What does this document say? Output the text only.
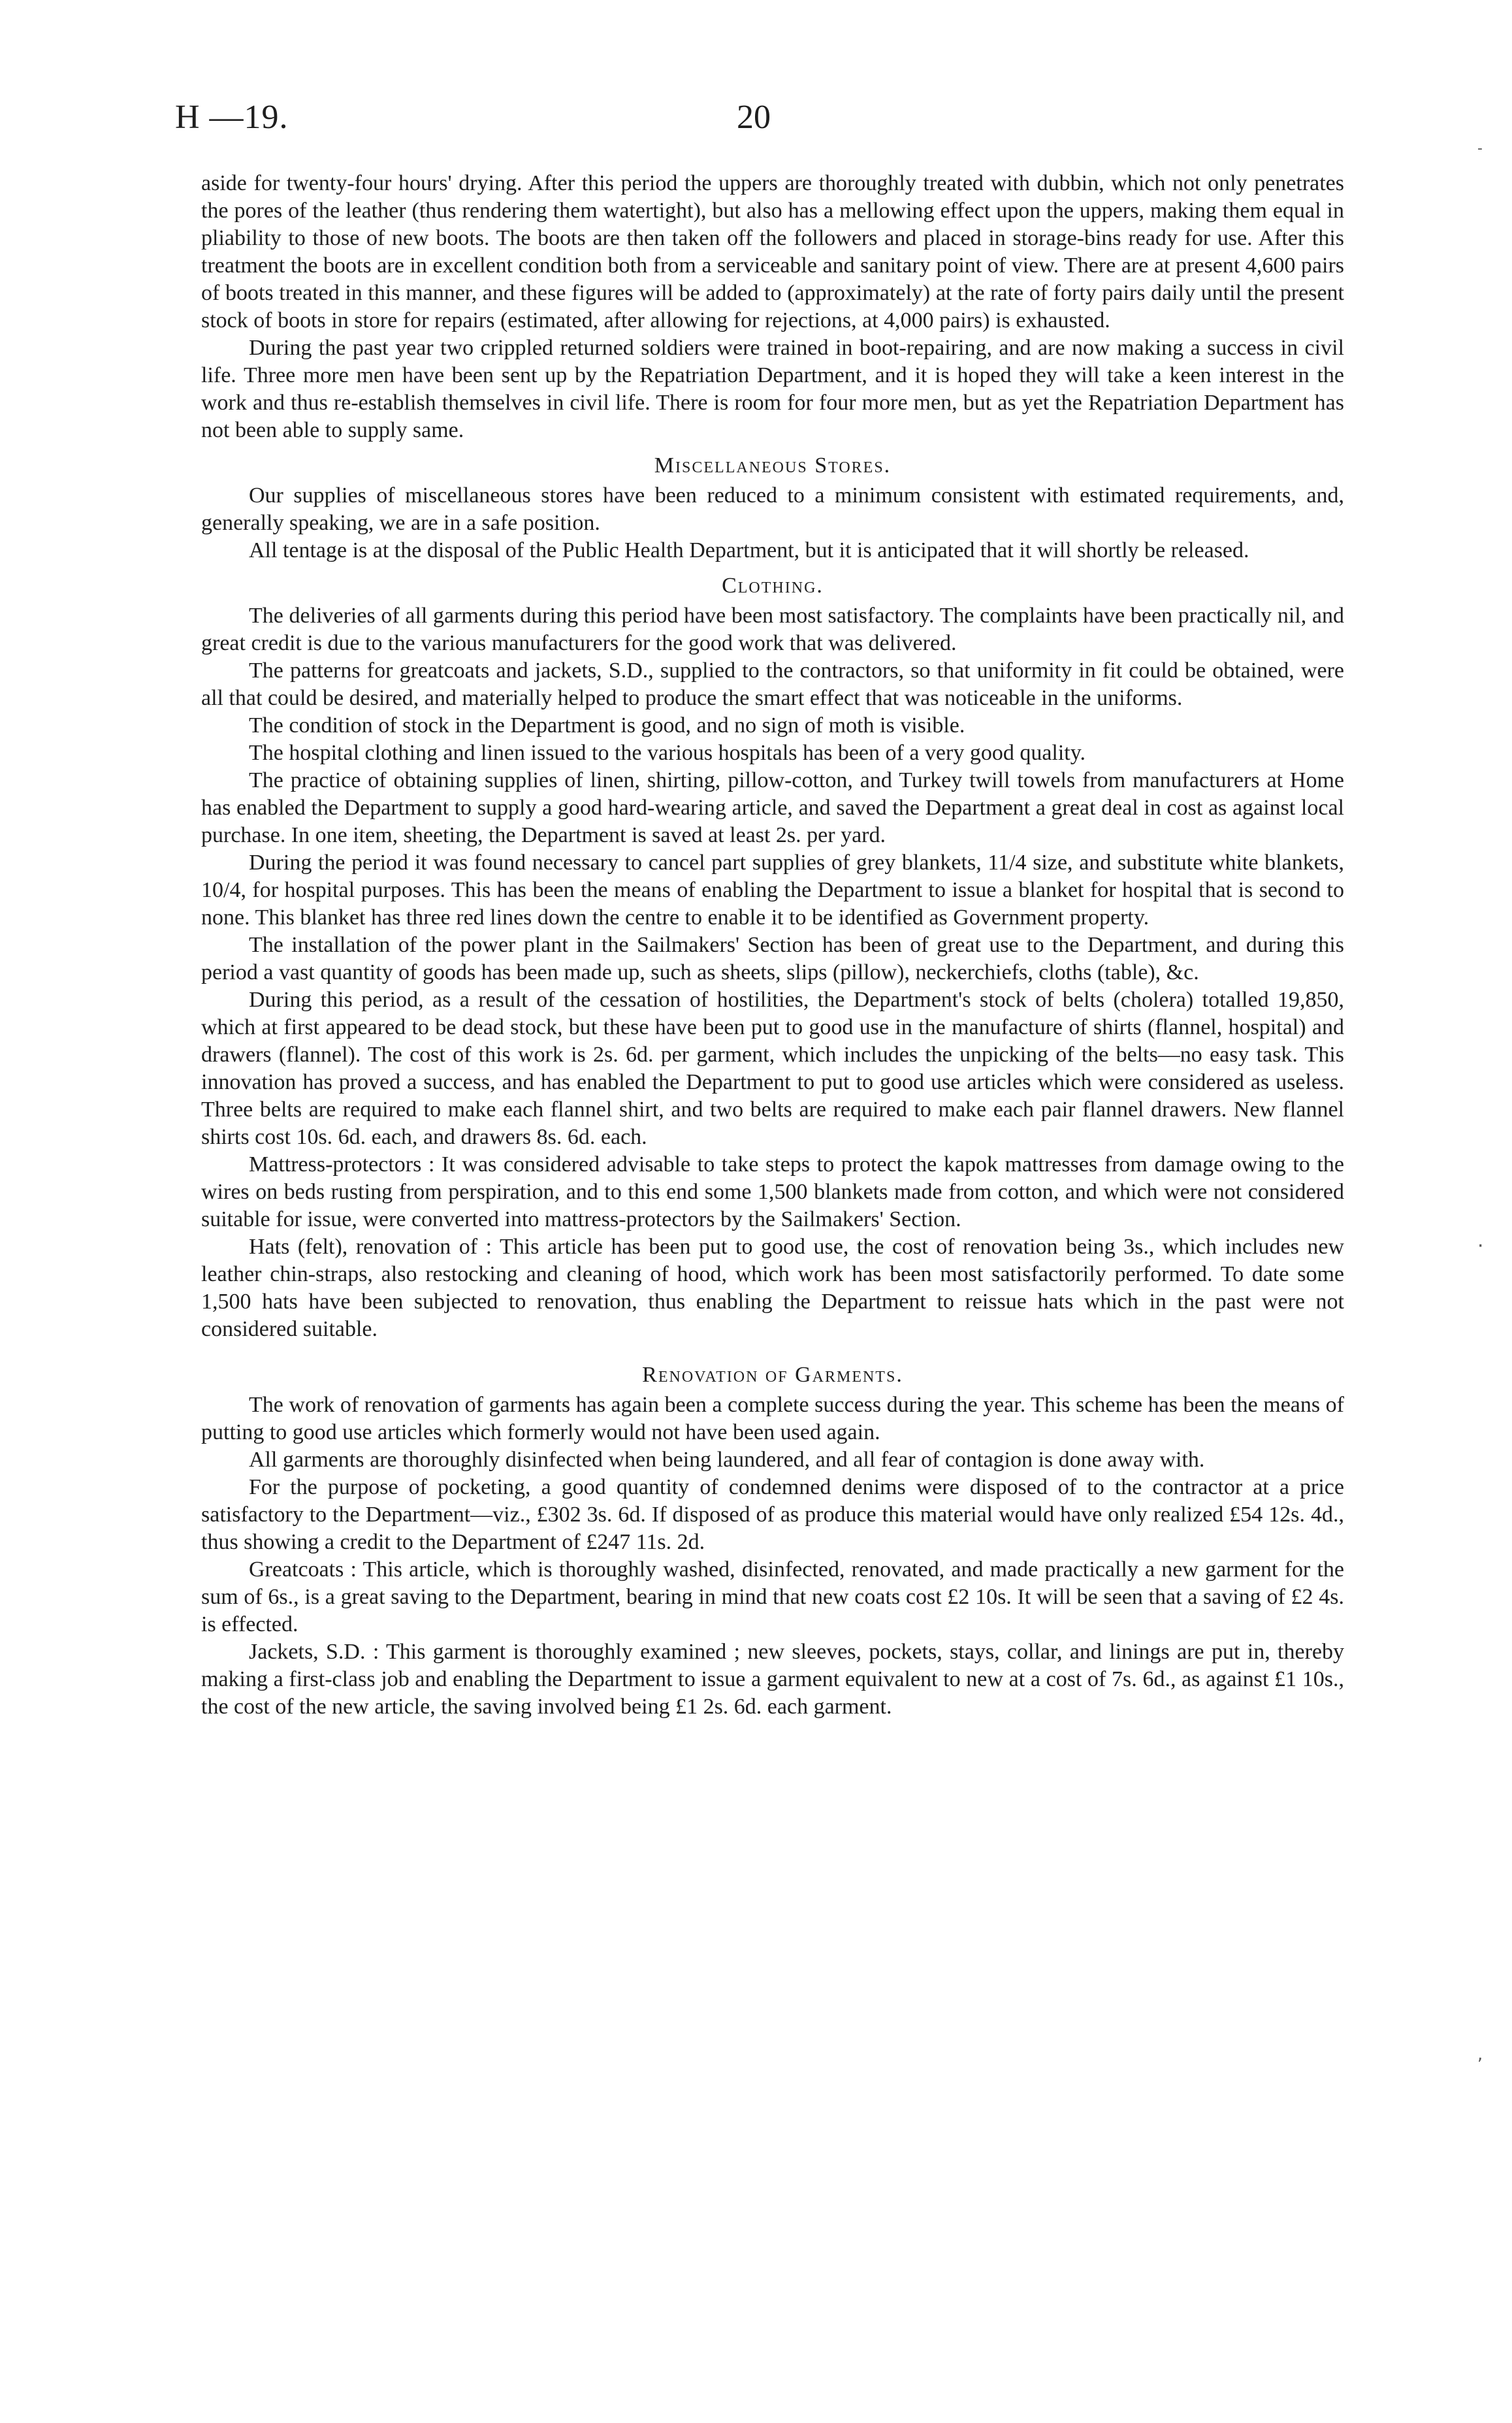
H —19.	20

aside for twenty-four hours' drying. After this period the uppers are thoroughly treated with dubbin, which not only penetrates the pores of the leather (thus rendering them watertight), but also has a mellowing effect upon the uppers, making them equal in pliability to those of new boots. The boots are then taken off the followers and placed in storage-bins ready for use. After this treatment the boots are in excellent condition both from a serviceable and sanitary point of view. There are at present 4,600 pairs of boots treated in this manner, and these figures will be added to (approximately) at the rate of forty pairs daily until the present stock of boots in store for repairs (estimated, after allowing for rejections, at 4,000 pairs) is exhausted.

During the past year two crippled returned soldiers were trained in boot-repairing, and are now making a success in civil life. Three more men have been sent up by the Repatriation Department, and it is hoped they will take a keen interest in the work and thus re-establish themselves in civil life. There is room for four more men, but as yet the Repatriation Department has not been able to supply same.

Miscellaneous Stores.

Our supplies of miscellaneous stores have been reduced to a minimum consistent with estimated requirements, and, generally speaking, we are in a safe position.

All tentage is at the disposal of the Public Health Department, but it is anticipated that it will shortly be released.

Clothing.

The deliveries of all garments during this period have been most satisfactory. The complaints have been practically nil, and great credit is due to the various manufacturers for the good work that was delivered.

The patterns for greatcoats and jackets, S.D., supplied to the contractors, so that uniformity in fit could be obtained, were all that could be desired, and materially helped to produce the smart effect that was noticeable in the uniforms.

The condition of stock in the Department is good, and no sign of moth is visible.

The hospital clothing and linen issued to the various hospitals has been of a very good quality.

The practice of obtaining supplies of linen, shirting, pillow-cotton, and Turkey twill towels from manufacturers at Home has enabled the Department to supply a good hard-wearing article, and saved the Department a great deal in cost as against local purchase. In one item, sheeting, the Department is saved at least 2s. per yard.

During the period it was found necessary to cancel part supplies of grey blankets, 11/4 size, and substitute white blankets, 10/4, for hospital purposes. This has been the means of enabling the Department to issue a blanket for hospital that is second to none. This blanket has three red lines down the centre to enable it to be identified as Government property.

The installation of the power plant in the Sailmakers' Section has been of great use to the Department, and during this period a vast quantity of goods has been made up, such as sheets, slips (pillow), neckerchiefs, cloths (table), &c.

During this period, as a result of the cessation of hostilities, the Department's stock of belts (cholera) totalled 19,850, which at first appeared to be dead stock, but these have been put to good use in the manufacture of shirts (flannel, hospital) and drawers (flannel). The cost of this work is 2s. 6d. per garment, which includes the unpicking of the belts—no easy task. This innovation has proved a success, and has enabled the Department to put to good use articles which were considered as useless. Three belts are required to make each flannel shirt, and two belts are required to make each pair flannel drawers. New flannel shirts cost 10s. 6d. each, and drawers 8s. 6d. each.

Mattress-protectors : It was considered advisable to take steps to protect the kapok mattresses from damage owing to the wires on beds rusting from perspiration, and to this end some 1,500 blankets made from cotton, and which were not considered suitable for issue, were converted into mattress-protectors by the Sailmakers' Section.

Hats (felt), renovation of : This article has been put to good use, the cost of renovation being 3s., which includes new leather chin-straps, also restocking and cleaning of hood, which work has been most satisfactorily performed. To date some 1,500 hats have been subjected to renovation, thus enabling the Department to reissue hats which in the past were not considered suitable.

Renovation of Garments.

The work of renovation of garments has again been a complete success during the year. This scheme has been the means of putting to good use articles which formerly would not have been used again.

All garments are thoroughly disinfected when being laundered, and all fear of contagion is done away with.

For the purpose of pocketing, a good quantity of condemned denims were disposed of to the contractor at a price satisfactory to the Department—viz., £302 3s. 6d. If disposed of as produce this material would have only realized £54 12s. 4d., thus showing a credit to the Department of £247 11s. 2d.

Greatcoats : This article, which is thoroughly washed, disinfected, renovated, and made practically a new garment for the sum of 6s., is a great saving to the Department, bearing in mind that new coats cost £2 10s. It will be seen that a saving of £2 4s. is effected.

Jackets, S.D. : This garment is thoroughly examined ; new sleeves, pockets, stays, collar, and linings are put in, thereby making a first-class job and enabling the Department to issue a garment equivalent to new at a cost of 7s. 6d., as against £1 10s., the cost of the new article, the saving involved being £1 2s. 6d. each garment.

‑
·
,
